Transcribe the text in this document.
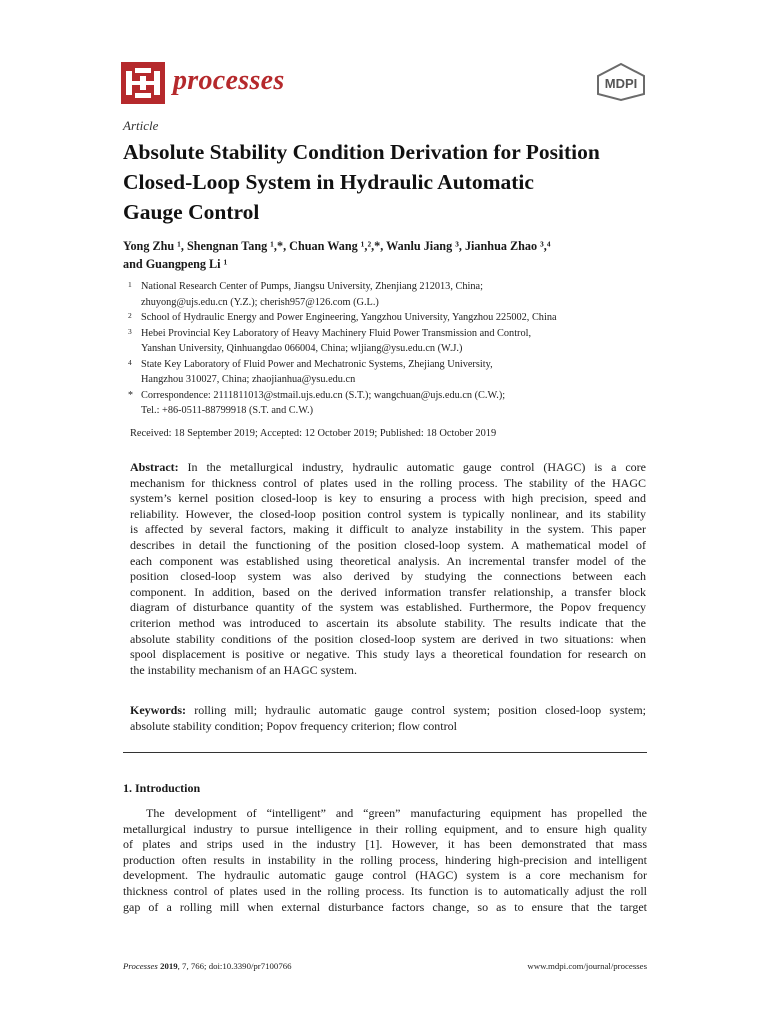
processes	MDPI
Article
Absolute Stability Condition Derivation for Position
Closed-Loop System in Hydraulic Automatic
Gauge Control
Yong Zhu ¹, Shengnan Tang ¹,*, Chuan Wang ¹,²,*, Wanlu Jiang ³, Jianhua Zhao ³,⁴
and Guangpeng Li ¹
1 National Research Center of Pumps, Jiangsu University, Zhenjiang 212013, China;
zhuyong@ujs.edu.cn (Y.Z.); cherish957@126.com (G.L.)
2 School of Hydraulic Energy and Power Engineering, Yangzhou University, Yangzhou 225002, China
3 Hebei Provincial Key Laboratory of Heavy Machinery Fluid Power Transmission and Control,
Yanshan University, Qinhuangdao 066004, China; wljiang@ysu.edu.cn (W.J.)
4 State Key Laboratory of Fluid Power and Mechatronic Systems, Zhejiang University,
Hangzhou 310027, China; zhaojianhua@ysu.edu.cn
* Correspondence: 2111811013@stmail.ujs.edu.cn (S.T.); wangchuan@ujs.edu.cn (C.W.);
Tel.: +86-0511-88799918 (S.T. and C.W.)
Received: 18 September 2019; Accepted: 12 October 2019; Published: 18 October 2019
Abstract: In the metallurgical industry, hydraulic automatic gauge control (HAGC) is a core
mechanism for thickness control of plates used in the rolling process. The stability of the HAGC
system’s kernel position closed-loop is key to ensuring a process with high precision, speed and
reliability. However, the closed-loop position control system is typically nonlinear, and its stability
is affected by several factors, making it difficult to analyze instability in the system. This paper
describes in detail the functioning of the position closed-loop system. A mathematical model of
each component was established using theoretical analysis. An incremental transfer model of the
position closed-loop system was also derived by studying the connections between each
component. In addition, based on the derived information transfer relationship, a transfer block
diagram of disturbance quantity of the system was established. Furthermore, the Popov frequency
criterion method was introduced to ascertain its absolute stability. The results indicate that the
absolute stability conditions of the position closed-loop system are derived in two situations: when
spool displacement is positive or negative. This study lays a theoretical foundation for research on
the instability mechanism of an HAGC system.
Keywords: rolling mill; hydraulic automatic gauge control system; position closed-loop system;
absolute stability condition; Popov frequency criterion; flow control
1. Introduction
The development of “intelligent” and “green” manufacturing equipment has propelled the
metallurgical industry to pursue intelligence in their rolling equipment, and to ensure high quality
of plates and strips used in the industry [1]. However, it has been demonstrated that mass
production often results in instability in the rolling process, hindering high-precision and intelligent
development. The hydraulic automatic gauge control (HAGC) system is a core mechanism for
thickness control of plates used in the rolling process. Its function is to automatically adjust the roll
gap of a rolling mill when external disturbance factors change, so as to ensure that the target
Processes 2019, 7, 766; doi:10.3390/pr7100766	www.mdpi.com/journal/processes
